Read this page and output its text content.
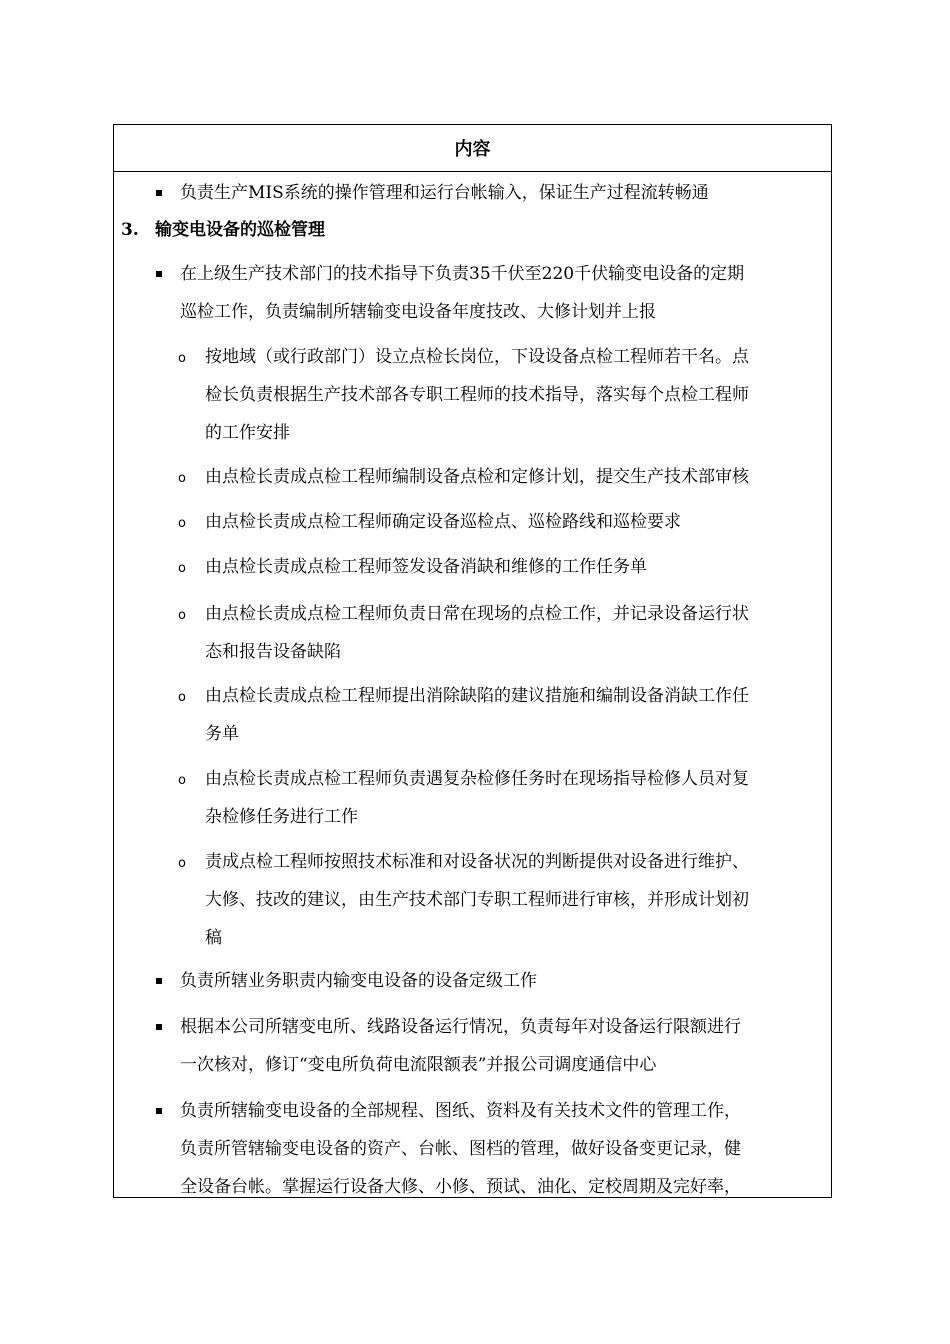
内容
负责生产MIS系统的操作管理和运行台帐输入，保证生产过程流转畅通
3. 输变电设备的巡检管理
在上级生产技术部门的技术指导下负责35千伏至220千伏输变电设备的定期
巡检工作，负责编制所辖输变电设备年度技改、大修计划并上报
o 按地域（或行政部门）设立点检长岗位，下设设备点检工程师若干名。点
检长负责根据生产技术部各专职工程师的技术指导，落实每个点检工程师
的工作安排
o 由点检长责成点检工程师编制设备点检和定修计划，提交生产技术部审核
o 由点检长责成点检工程师确定设备巡检点、巡检路线和巡检要求
o 由点检长责成点检工程师签发设备消缺和维修的工作任务单
o 由点检长责成点检工程师负责日常在现场的点检工作，并记录设备运行状
态和报告设备缺陷
o 由点检长责成点检工程师提出消除缺陷的建议措施和编制设备消缺工作任
务单
o 由点检长责成点检工程师负责遇复杂检修任务时在现场指导检修人员对复
杂检修任务进行工作
o 责成点检工程师按照技术标准和对设备状况的判断提供对设备进行维护、
大修、技改的建议，由生产技术部门专职工程师进行审核，并形成计划初
稿
负责所辖业务职责内输变电设备的设备定级工作
根据本公司所辖变电所、线路设备运行情况，负责每年对设备运行限额进行
一次核对，修订“变电所负荷电流限额表”并报公司调度通信中心
负责所辖输变电设备的全部规程、图纸、资料及有关技术文件的管理工作，
负责所管辖输变电设备的资产、台帐、图档的管理，做好设备变更记录，健
全设备台帐。掌握运行设备大修、小修、预试、油化、定校周期及完好率，
